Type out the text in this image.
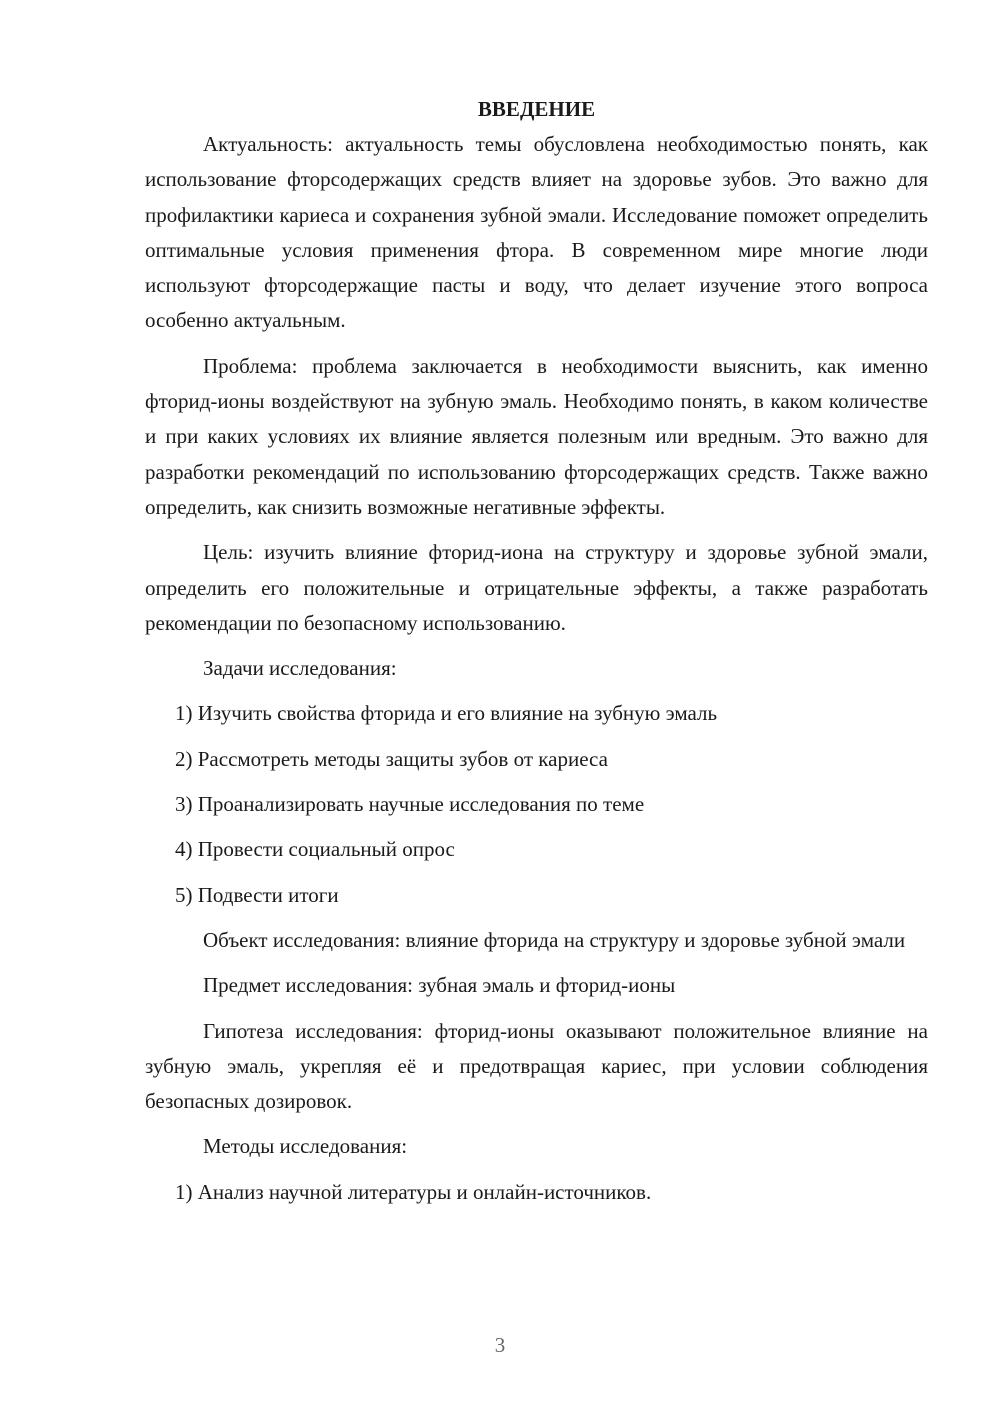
ВВЕДЕНИЕ
Актуальность: актуальность темы обусловлена необходимостью понять, как использование фторсодержащих средств влияет на здоровье зубов. Это важно для профилактики кариеса и сохранения зубной эмали. Исследование поможет определить оптимальные условия применения фтора. В современном мире многие люди используют фторсодержащие пасты и воду, что делает изучение этого вопроса особенно актуальным.
Проблема: проблема заключается в необходимости выяснить, как именно фторид-ионы воздействуют на зубную эмаль. Необходимо понять, в каком количестве и при каких условиях их влияние является полезным или вредным. Это важно для разработки рекомендаций по использованию фторсодержащих средств. Также важно определить, как снизить возможные негативные эффекты.
Цель: изучить влияние фторид-иона на структуру и здоровье зубной эмали, определить его положительные и отрицательные эффекты, а также разработать рекомендации по безопасному использованию.
Задачи исследования:
1) Изучить свойства фторида и его влияние на зубную эмаль
2) Рассмотреть методы защиты зубов от кариеса
3) Проанализировать научные исследования по теме
4) Провести социальный опрос
5) Подвести итоги
Объект исследования: влияние фторида на структуру и здоровье зубной эмали
Предмет исследования: зубная эмаль и фторид-ионы
Гипотеза исследования: фторид-ионы оказывают положительное влияние на зубную эмаль, укрепляя её и предотвращая кариес, при условии соблюдения безопасных дозировок.
Методы исследования:
1) Анализ научной литературы и онлайн-источников.
3
